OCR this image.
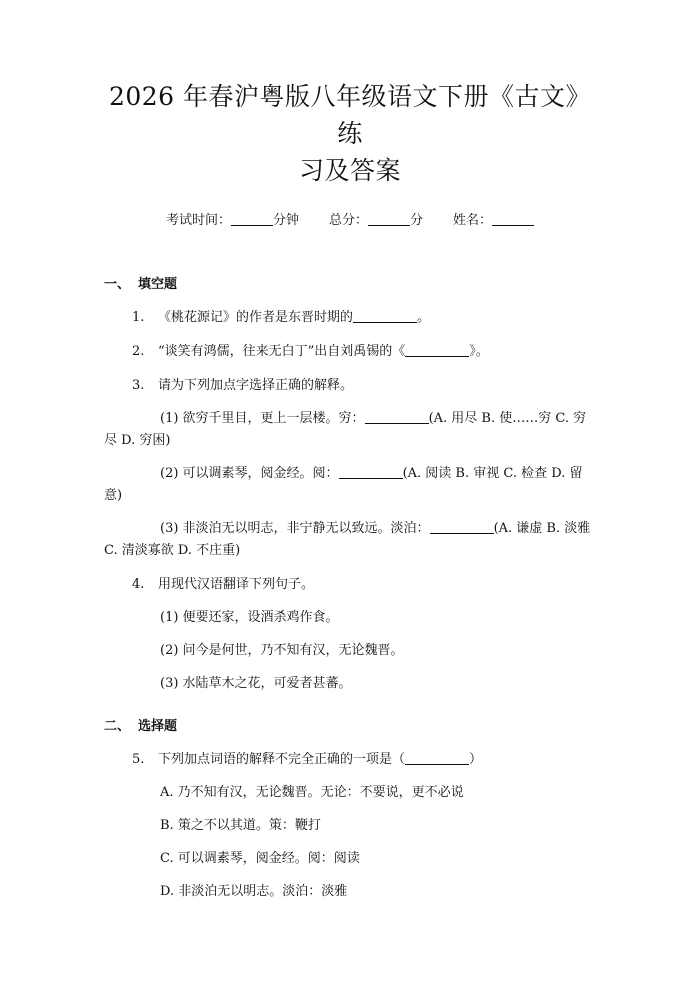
2026 年春沪粤版八年级语文下册《古文》练
习及答案
考试时间：	分钟 总分：	分 姓名：
一、 填空题
1. 《桃花源记》的作者是东晋时期的	。
2. “谈笑有鸿儒，往来无白丁”出自刘禹锡的《	》。
3. 请为下列加点字选择正确的解释。
(1) 欲穷千里目，更上一层楼。穷：	(A. 用尽 B. 使……穷 C. 穷尽 D. 穷困)
(2) 可以调素琴，阅金经。阅：	(A. 阅读 B. 审视 C. 检查 D. 留意)
(3) 非淡泊无以明志，非宁静无以致远。淡泊：	(A. 谦虚 B. 淡雅 C. 清淡寡欲 D. 不庄重)
4. 用现代汉语翻译下列句子。
(1) 便要还家，设酒杀鸡作食。
(2) 问今是何世，乃不知有汉，无论魏晋。
(3) 水陆草木之花，可爱者甚蕃。
二、 选择题
5. 下列加点词语的解释不完全正确的一项是（	）
A. 乃不知有汉，无论魏晋。无论：不要说，更不必说
B. 策之不以其道。策：鞭打
C. 可以调素琴，阅金经。阅：阅读
D. 非淡泊无以明志。淡泊：淡雅
